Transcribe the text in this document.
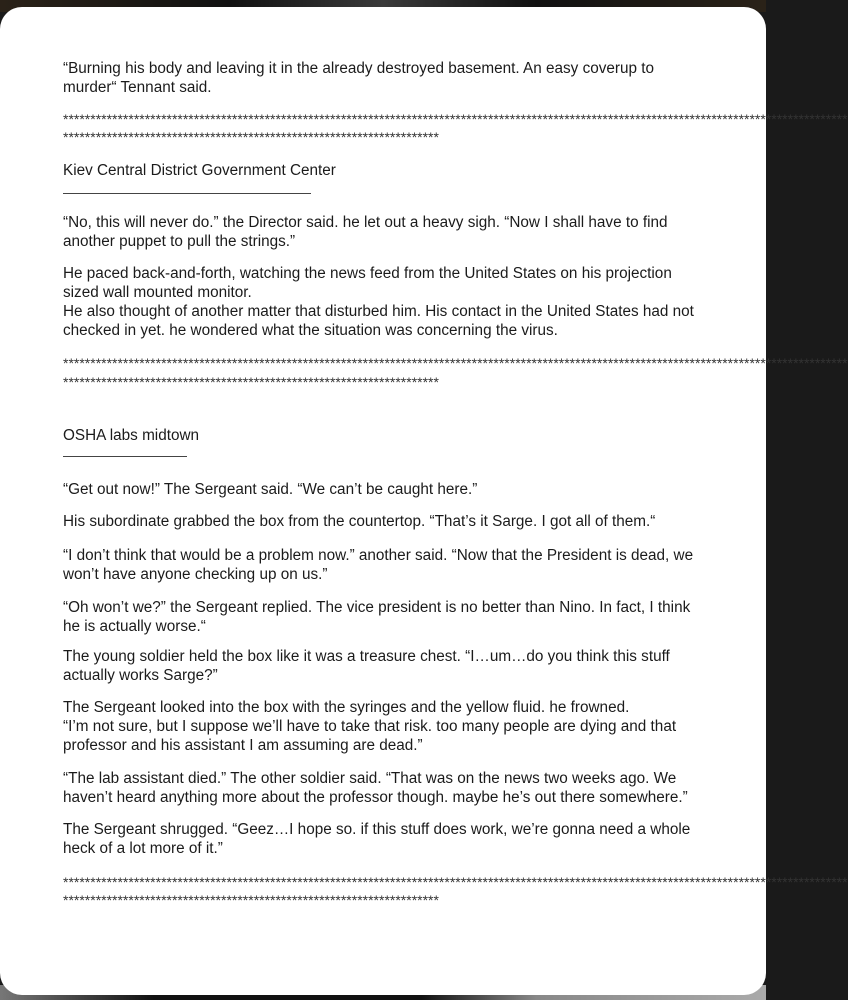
“Burning his body and leaving it in the already destroyed basement. An easy coverup to murder“ Tennant said.

************************************************************************************************************************************************
*********************************************************************

Kiev Central District Government Center

“No, this will never do.” the Director said. he let out a heavy sigh. “Now I shall have to find another puppet to pull the strings.”

He paced back-and-forth, watching the news feed from the United States on his projection sized wall mounted monitor.

He also thought of another matter that disturbed him. His contact in the United States had not checked in yet. he wondered what the situation was concerning the virus.

************************************************************************************************************************************************
*********************************************************************

OSHA labs midtown

“Get out now!” The Sergeant said. “We can’t be caught here.”

His subordinate grabbed the box from the countertop. “That’s it Sarge. I got all of them.“

“I don’t think that would be a problem now.” another said. “Now that the President is dead, we won’t have anyone checking up on us.”

“Oh won’t we?” the Sergeant replied. The vice president is no better than Nino. In fact, I think he is actually worse.“

The young soldier held the box like it was a treasure chest. “I…um…do you think this stuff actually works Sarge?”

The Sergeant looked into the box with the syringes and the yellow fluid. he frowned.

“I’m not sure, but I suppose we’ll have to take that risk. too many people are dying and that professor and his assistant I am assuming are dead.”

“The lab assistant died.” The other soldier said. “That was on the news two weeks ago. We haven’t heard anything more about the professor though. maybe he’s out there somewhere.”

The Sergeant shrugged. “Geez…I hope so. if this stuff does work, we’re gonna need a whole heck of a lot more of it.”

************************************************************************************************************************************************
*********************************************************************
